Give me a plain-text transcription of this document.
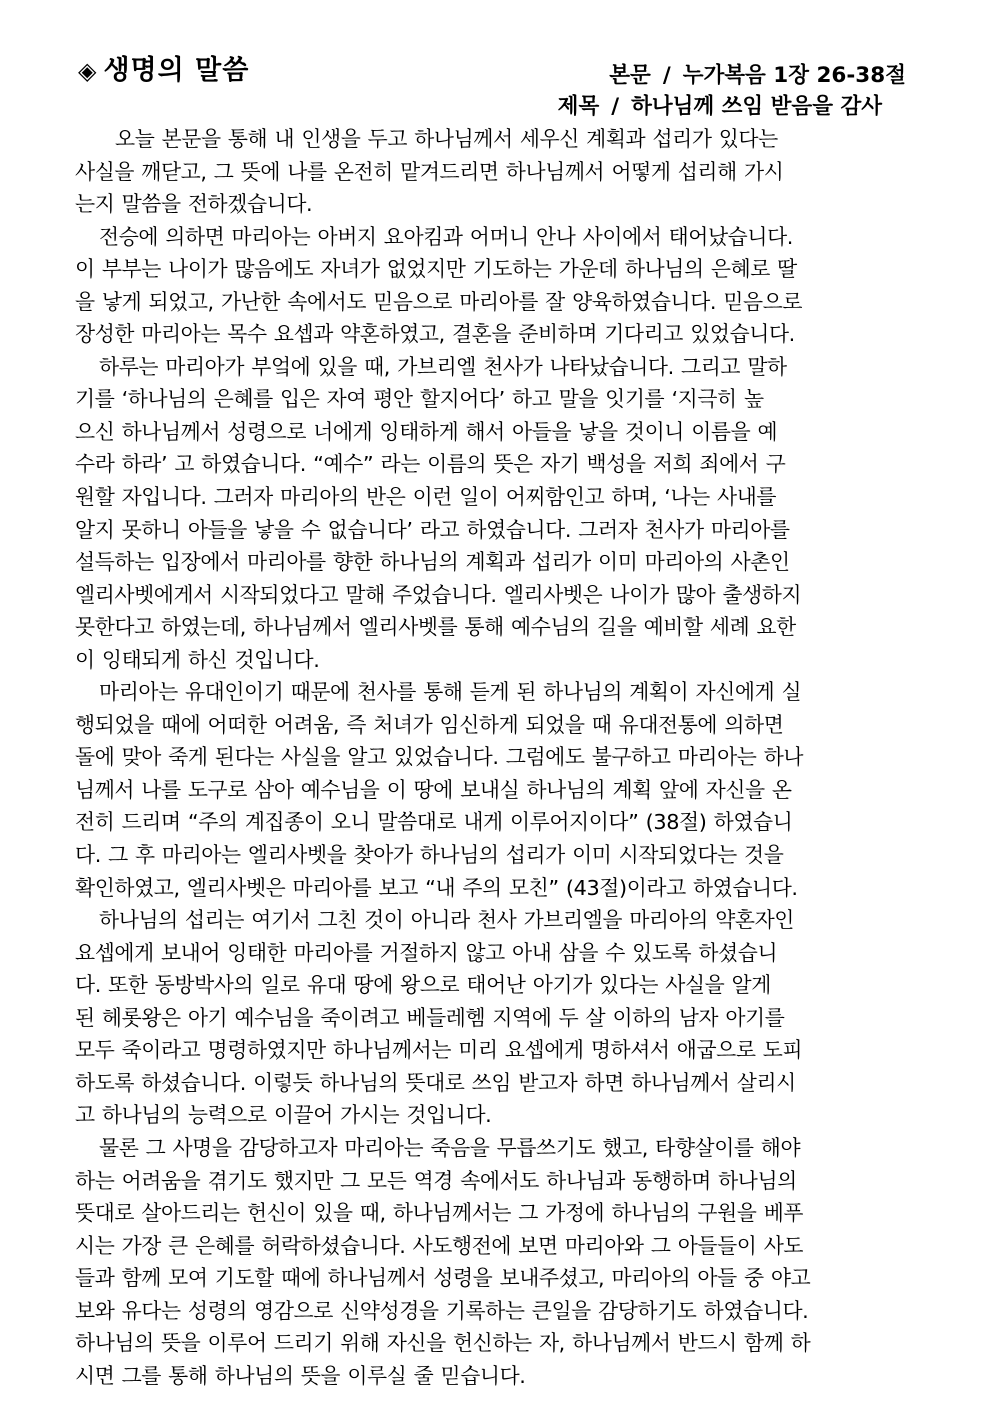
◈ 생명의 말씀	본문 / 누가복음 1장 26-38절
제목 / 하나님께 쓰임 받음을 감사
오늘 본문을 통해 내 인생을 두고 하나님께서 세우신 계획과 섭리가 있다는
사실을 깨닫고, 그 뜻에 나를 온전히 맡겨드리면 하나님께서 어떻게 섭리해 가시
는지 말씀을 전하겠습니다.
전승에 의하면 마리아는 아버지 요아킴과 어머니 안나 사이에서 태어났습니다.
이 부부는 나이가 많음에도 자녀가 없었지만 기도하는 가운데 하나님의 은혜로 딸
을 낳게 되었고, 가난한 속에서도 믿음으로 마리아를 잘 양육하였습니다. 믿음으로
장성한 마리아는 목수 요셉과 약혼하였고, 결혼을 준비하며 기다리고 있었습니다.
하루는 마리아가 부엌에 있을 때, 가브리엘 천사가 나타났습니다. 그리고 말하
기를 ‘하나님의 은혜를 입은 자여 평안 할지어다’ 하고 말을 잇기를 ‘지극히 높
으신 하나님께서 성령으로 너에게 잉태하게 해서 아들을 낳을 것이니 이름을 예
수라 하라’ 고 하였습니다. “예수” 라는 이름의 뜻은 자기 백성을 저희 죄에서 구
원할 자입니다. 그러자 마리아의 반은 이런 일이 어찌함인고 하며, ‘나는 사내를
알지 못하니 아들을 낳을 수 없습니다’ 라고 하였습니다. 그러자 천사가 마리아를
설득하는 입장에서 마리아를 향한 하나님의 계획과 섭리가 이미 마리아의 사촌인
엘리사벳에게서 시작되었다고 말해 주었습니다. 엘리사벳은 나이가 많아 출생하지
못한다고 하였는데, 하나님께서 엘리사벳를 통해 예수님의 길을 예비할 세례 요한
이 잉태되게 하신 것입니다.
마리아는 유대인이기 때문에 천사를 통해 듣게 된 하나님의 계획이 자신에게 실
행되었을 때에 어떠한 어려움, 즉 처녀가 임신하게 되었을 때 유대전통에 의하면
돌에 맞아 죽게 된다는 사실을 알고 있었습니다. 그럼에도 불구하고 마리아는 하나
님께서 나를 도구로 삼아 예수님을 이 땅에 보내실 하나님의 계획 앞에 자신을 온
전히 드리며 “주의 계집종이 오니 말씀대로 내게 이루어지이다” (38절) 하였습니
다. 그 후 마리아는 엘리사벳을 찾아가 하나님의 섭리가 이미 시작되었다는 것을
확인하였고, 엘리사벳은 마리아를 보고 “내 주의 모친” (43절)이라고 하였습니다.
하나님의 섭리는 여기서 그친 것이 아니라 천사 가브리엘을 마리아의 약혼자인
요셉에게 보내어 잉태한 마리아를 거절하지 않고 아내 삼을 수 있도록 하셨습니
다. 또한 동방박사의 일로 유대 땅에 왕으로 태어난 아기가 있다는 사실을 알게
된 헤롯왕은 아기 예수님을 죽이려고 베들레헴 지역에 두 살 이하의 남자 아기를
모두 죽이라고 명령하였지만 하나님께서는 미리 요셉에게 명하셔서 애굽으로 도피
하도록 하셨습니다. 이렇듯 하나님의 뜻대로 쓰임 받고자 하면 하나님께서 살리시
고 하나님의 능력으로 이끌어 가시는 것입니다.
물론 그 사명을 감당하고자 마리아는 죽음을 무릅쓰기도 했고, 타향살이를 해야
하는 어려움을 겪기도 했지만 그 모든 역경 속에서도 하나님과 동행하며 하나님의
뜻대로 살아드리는 헌신이 있을 때, 하나님께서는 그 가정에 하나님의 구원을 베푸
시는 가장 큰 은혜를 허락하셨습니다. 사도행전에 보면 마리아와 그 아들들이 사도
들과 함께 모여 기도할 때에 하나님께서 성령을 보내주셨고, 마리아의 아들 중 야고
보와 유다는 성령의 영감으로 신약성경을 기록하는 큰일을 감당하기도 하였습니다.
하나님의 뜻을 이루어 드리기 위해 자신을 헌신하는 자, 하나님께서 반드시 함께 하
시면 그를 통해 하나님의 뜻을 이루실 줄 믿습니다.
